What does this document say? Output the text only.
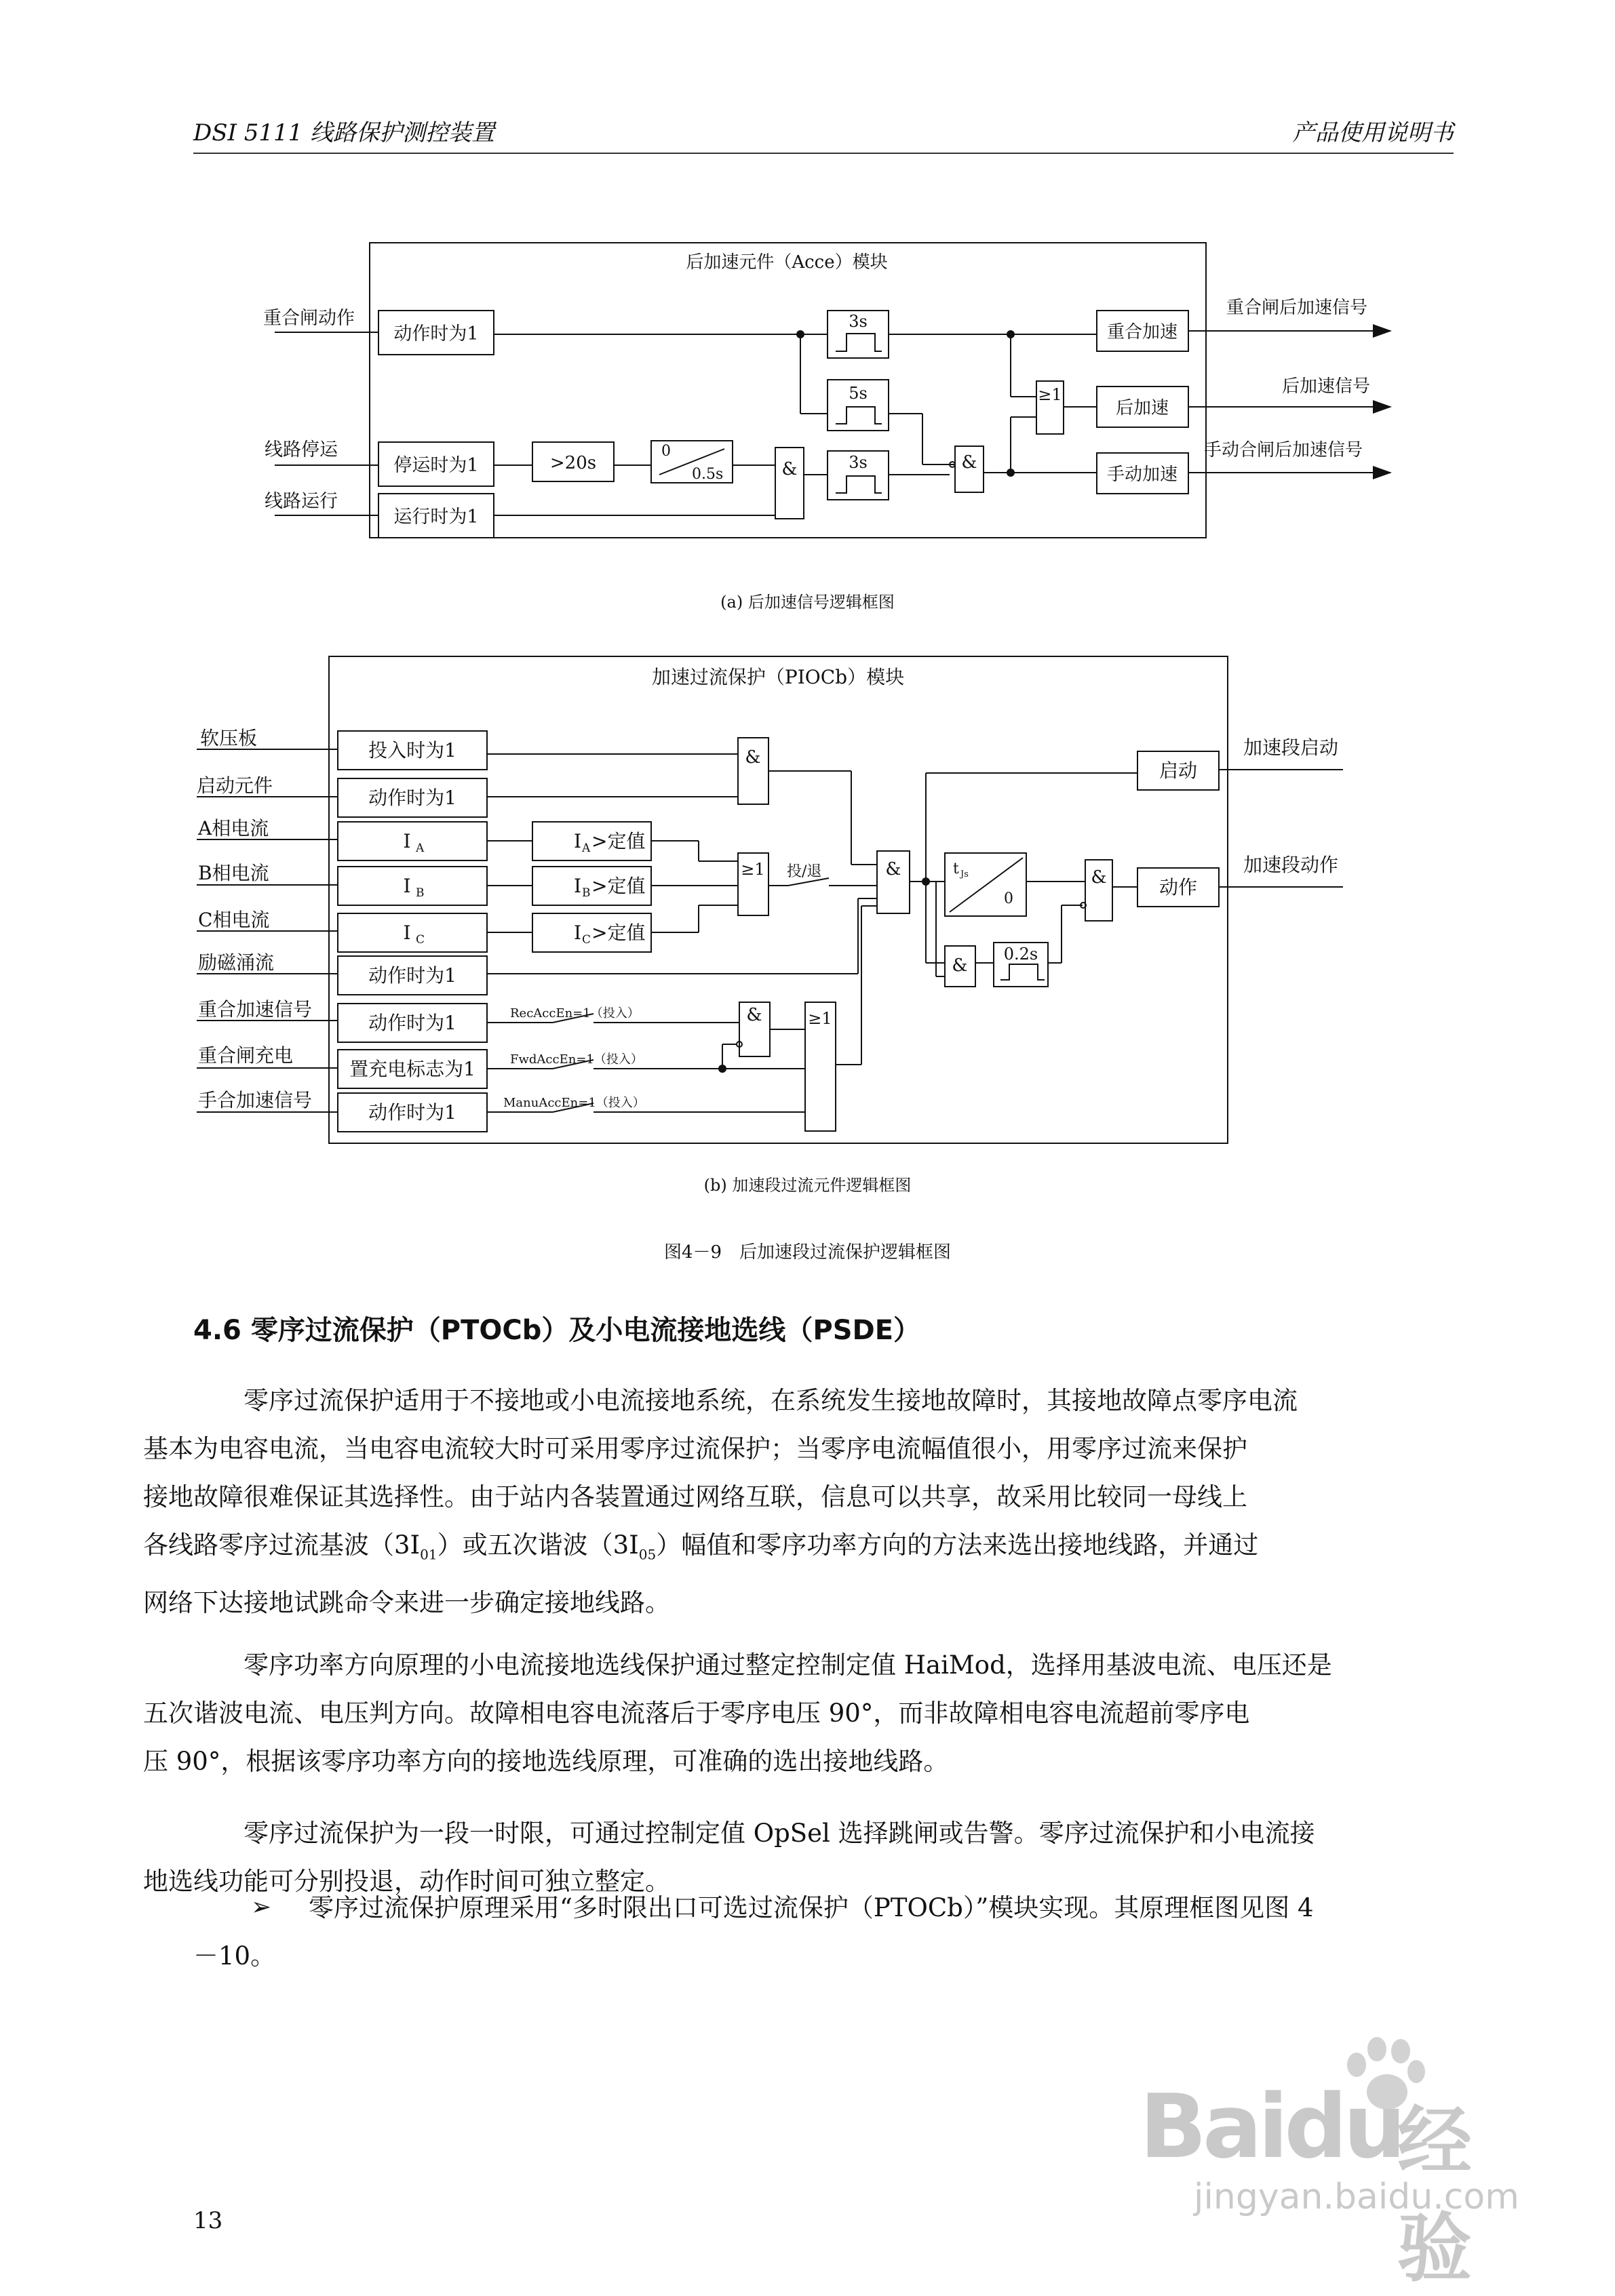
DSI 5111 线路保护测控装置	产品使用说明书
后加速元件（Acce）模块
重合闸动作
线路停运
线路运行
动作时为1
停运时为1
运行时为1
>20s
0
0.5s
3s
5s
3s
&	&
≥1
重合加速
后加速
手动加速
重合闸后加速信号
后加速信号
手动合闸后加速信号
加速过流保护（PIOCb）模块
软压板
启动元件
A相电流
B相电流
C相电流
励磁涌流
重合加速信号
重合闸充电
手合加速信号
投入时为1
动作时为1
I A
I B
I C
动作时为1
动作时为1
置充电标志为1
动作时为1
I A >定值
I B >定值
I C >定值
投/退
RecAccEn=1（投入）
FwdAccEn=1（投入）
ManuAccEn=1（投入）
&
≥1	&	&
&
&	≥1
t Js
0
0.2s
启动
动作
加速段启动
加速段动作
(a) 后加速信号逻辑框图
(b) 加速段过流元件逻辑框图
图4－9　后加速段过流保护逻辑框图
4.6 零序过流保护（PTOCb）及小电流接地选线（PSDE）
零序过流保护适用于不接地或小电流接地系统，在系统发生接地故障时，其接地故障点零序电流
基本为电容电流，当电容电流较大时可采用零序过流保护；当零序电流幅值很小，用零序过流来保护
接地故障很难保证其选择性。由于站内各装置通过网络互联，信息可以共享，故采用比较同一母线上
各线路零序过流基波$(3I_{01})$或五次谐波$(3I_{05})$幅值和零序功率方向的方法来选出接地线路，并通过
网络下达接地试跳命令来进一步确定接地线路。
零序功率方向原理的小电流接地选线保护通过整定控制定值 HaiMod，选择用基波电流、电压还是
五次谐波电流、电压判方向。故障相电容电流落后于零序电压 90°，而非故障相电容电流超前零序电
压 90°，根据该零序功率方向的接地选线原理，可准确的选出接地线路。
零序过流保护为一段一时限，可通过控制定值 OpSel 选择跳闸或告警。零序过流保护和小电流接
地选线功能可分别投退，动作时间可独立整定。
➢	零序过流保护原理采用“多时限出口可选过流保护（PTOCb）”模块实现。其原理框图见图 4
－10。
13
Baidu
经验
jingyan.baidu.com
